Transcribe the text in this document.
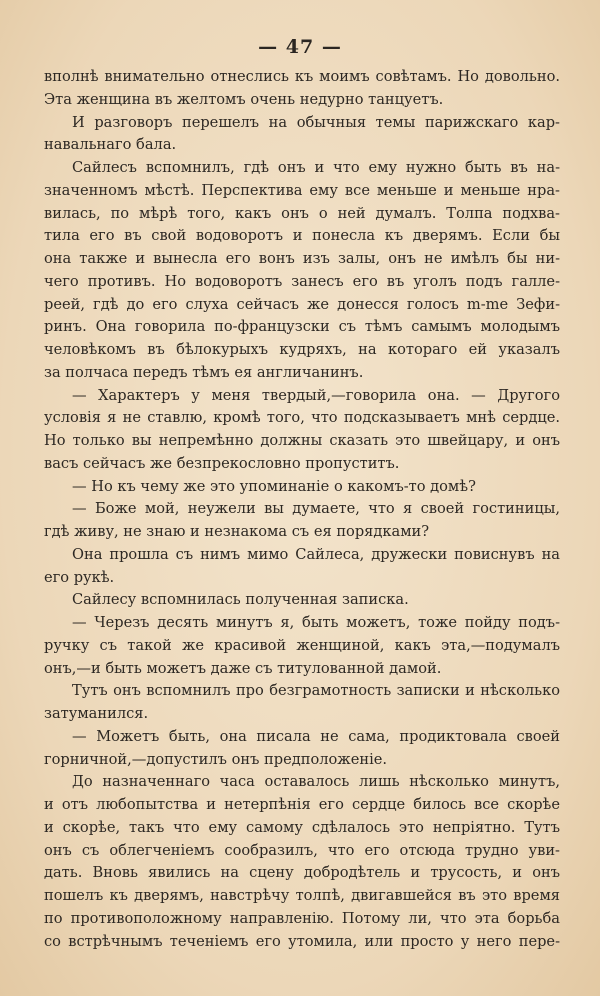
— 47 —
вполнѣ внимательно отнеслись къ моимъ совѣтамъ. Но довольно.
Эта женщина въ желтомъ очень недурно танцуетъ.
И разговоръ перешелъ на обычныя темы парижскаго кар-
навальнаго бала.
Сайлесъ вспомнилъ, гдѣ онъ и что ему нужно быть въ на-
значенномъ мѣстѣ. Перспектива ему все меньше и меньше нра-
вилась, по мѣрѣ того, какъ онъ о ней думалъ. Толпа подхва-
тила его въ свой водоворотъ и понесла къ дверямъ. Если бы
она также и вынесла его вонъ изъ залы, онъ не имѣлъ бы ни-
чего противъ. Но водоворотъ занесъ его въ уголъ подъ галле-
реей, гдѣ до его слуха сейчасъ же донесся голосъ m-me Зефи-
ринъ. Она говорила по-французски съ тѣмъ самымъ молодымъ
человѣкомъ въ бѣлокурыхъ кудряхъ, на котораго ей указалъ
за полчаса передъ тѣмъ ея англичанинъ.
— Характеръ у меня твердый,—говорила она. — Другого
условія я не ставлю, кромѣ того, что подсказываетъ мнѣ сердце.
Но только вы непремѣнно должны сказать это швейцару, и онъ
васъ сейчасъ же безпрекословно пропуститъ.
— Но къ чему же это упоминаніе о какомъ-то домѣ?
— Боже мой, неужели вы думаете, что я своей гостиницы,
гдѣ живу, не знаю и незнакома съ ея порядками?
Она прошла съ нимъ мимо Сайлеса, дружески повиснувъ на
его рукѣ.
Сайлесу вспомнилась полученная записка.
— Черезъ десять минутъ я, быть можетъ, тоже пойду подъ-
ручку съ такой же красивой женщиной, какъ эта,—подумалъ
онъ,—и быть можетъ даже съ титулованной дамой.
Тутъ онъ вспомнилъ про безграмотность записки и нѣсколько
затуманился.
— Можетъ быть, она писала не сама, продиктовала своей
горничной,—допустилъ онъ предположеніе.
До назначеннаго часа оставалось лишь нѣсколько минутъ,
и отъ любопытства и нетерпѣнія его сердце билось все скорѣе
и скорѣе, такъ что ему самому сдѣлалось это непріятно. Тутъ
онъ съ облегченіемъ сообразилъ, что его отсюда трудно уви-
дать. Вновь явились на сцену добродѣтель и трусость, и онъ
пошелъ къ дверямъ, навстрѣчу толпѣ, двигавшейся въ это время
по противоположному направленію. Потому ли, что эта борьба
со встрѣчнымъ теченіемъ его утомила, или просто у него пере-
